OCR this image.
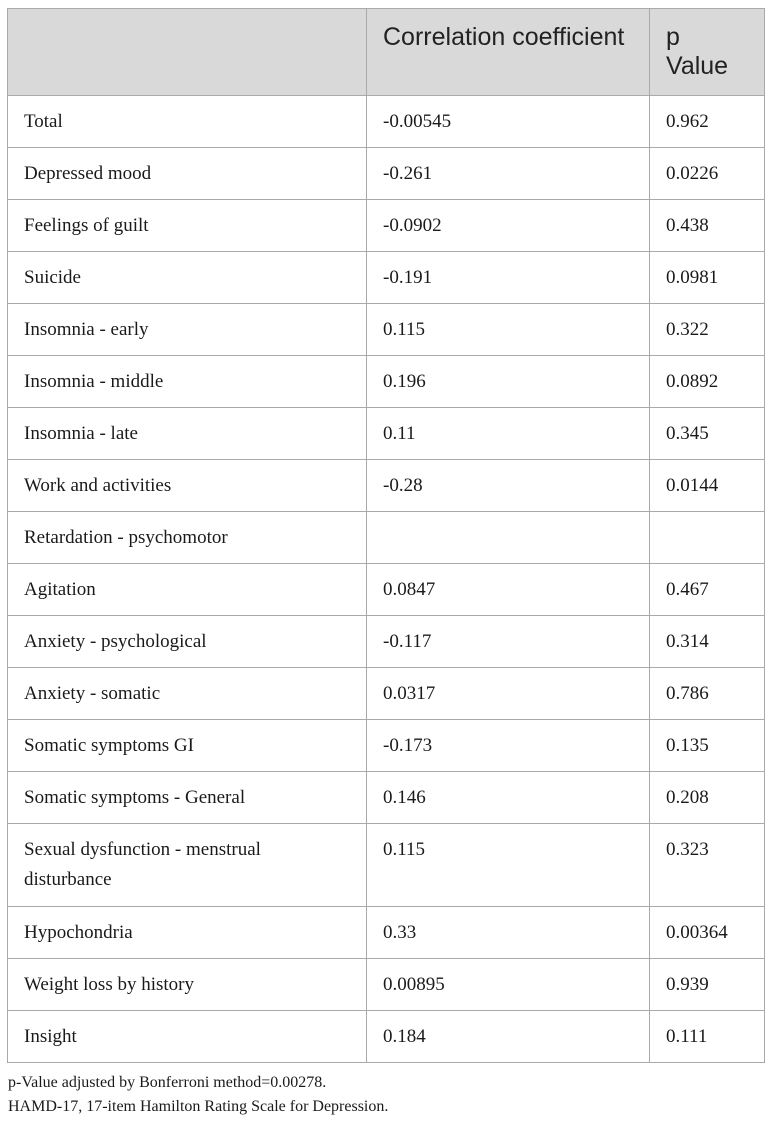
	Correlation coefficient	p Value
Total	-0.00545	0.962
Depressed mood	-0.261	0.0226
Feelings of guilt	-0.0902	0.438
Suicide	-0.191	0.0981
Insomnia - early	0.115	0.322
Insomnia - middle	0.196	0.0892
Insomnia - late	0.11	0.345
Work and activities	-0.28	0.0144
Retardation - psychomotor		
Agitation	0.0847	0.467
Anxiety - psychological	-0.117	0.314
Anxiety - somatic	0.0317	0.786
Somatic symptoms GI	-0.173	0.135
Somatic symptoms - General	0.146	0.208
Sexual dysfunction - menstrual disturbance	0.115	0.323
Hypochondria	0.33	0.00364
Weight loss by history	0.00895	0.939
Insight	0.184	0.111

p-Value adjusted by Bonferroni method=0.00278.

HAMD-17, 17-item Hamilton Rating Scale for Depression.
